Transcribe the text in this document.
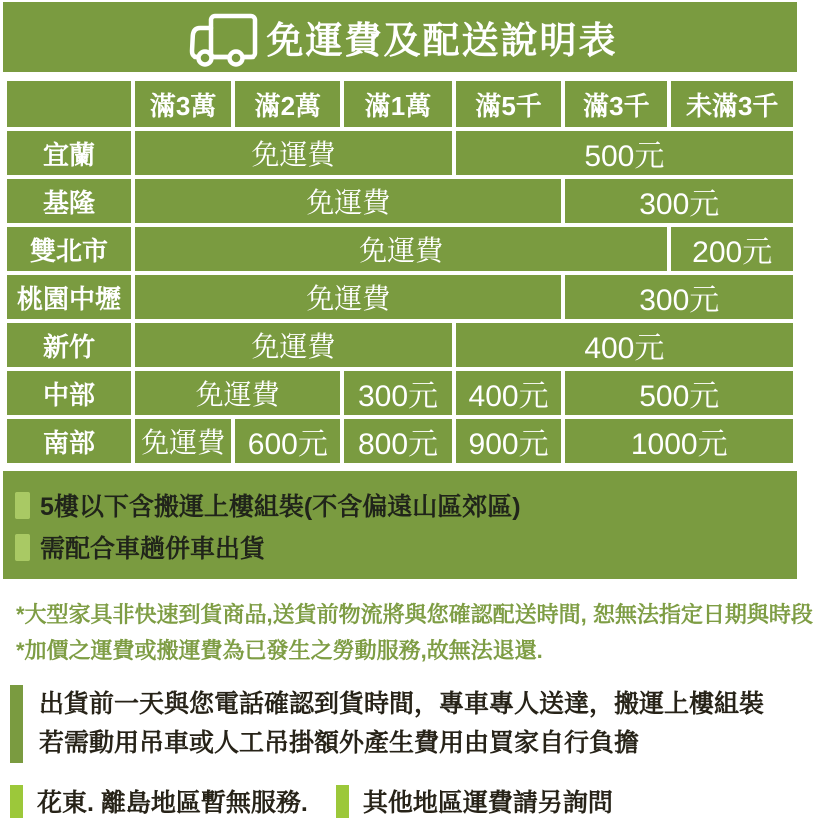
免運費及配送說明表
	滿3萬	滿2萬	滿1萬	滿5千	滿3千	未滿3千
宜蘭	免運費			500元		
基隆	免運費				300元	
雙北市	免運費					200元
桃園中壢	免運費				300元	
新竹	免運費			400元		
中部	免運費		300元	400元	500元	
南部	免運費	600元	800元	900元	1000元	
5樓以下含搬運上樓組裝(不含偏遠山區郊區)
需配合車趟併車出貨

*大型家具非快速到貨商品,送貨前物流將與您確認配送時間, 恕無法指定日期與時段

*加價之運費或搬運費為已發生之勞動服務,故無法退還.

出貨前一天與您電話確認到貨時間，專車專人送達，搬運上樓組裝

若需動用吊車或人工吊掛額外產生費用由買家自行負擔

花東. 離島地區暫無服務. 其他地區運費請另詢問
